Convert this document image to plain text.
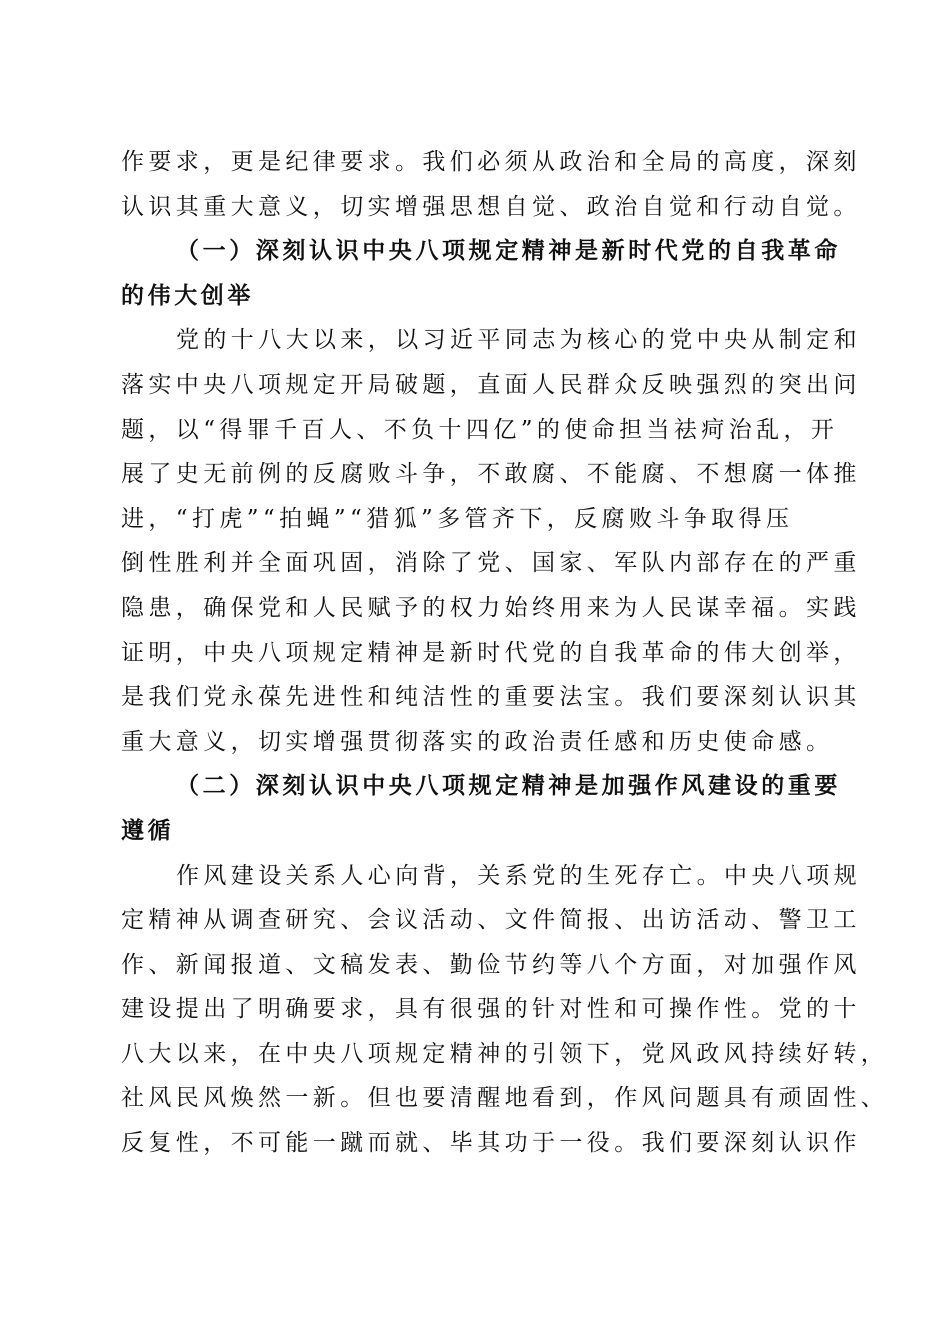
作要求，更是纪律要求。我们必须从政治和全局的高度，深刻
认识其重大意义，切实增强思想自觉、政治自觉和行动自觉。
（一）深刻认识中央八项规定精神是新时代党的自我革命
的伟大创举
党的十八大以来，以习近平同志为核心的党中央从制定和
落实中央八项规定开局破题，直面人民群众反映强烈的突出问
题，以“得罪千百人、不负十四亿”的使命担当祛疴治乱，开
展了史无前例的反腐败斗争，不敢腐、不能腐、不想腐一体推
进，“打虎”“拍蝇”“猎狐”多管齐下，反腐败斗争取得压
倒性胜利并全面巩固，消除了党、国家、军队内部存在的严重
隐患，确保党和人民赋予的权力始终用来为人民谋幸福。实践
证明，中央八项规定精神是新时代党的自我革命的伟大创举，
是我们党永葆先进性和纯洁性的重要法宝。我们要深刻认识其
重大意义，切实增强贯彻落实的政治责任感和历史使命感。
（二）深刻认识中央八项规定精神是加强作风建设的重要
遵循
作风建设关系人心向背，关系党的生死存亡。中央八项规
定精神从调查研究、会议活动、文件简报、出访活动、警卫工
作、新闻报道、文稿发表、勤俭节约等八个方面，对加强作风
建设提出了明确要求，具有很强的针对性和可操作性。党的十
八大以来，在中央八项规定精神的引领下，党风政风持续好转，
社风民风焕然一新。但也要清醒地看到，作风问题具有顽固性、
反复性，不可能一蹴而就、毕其功于一役。我们要深刻认识作
